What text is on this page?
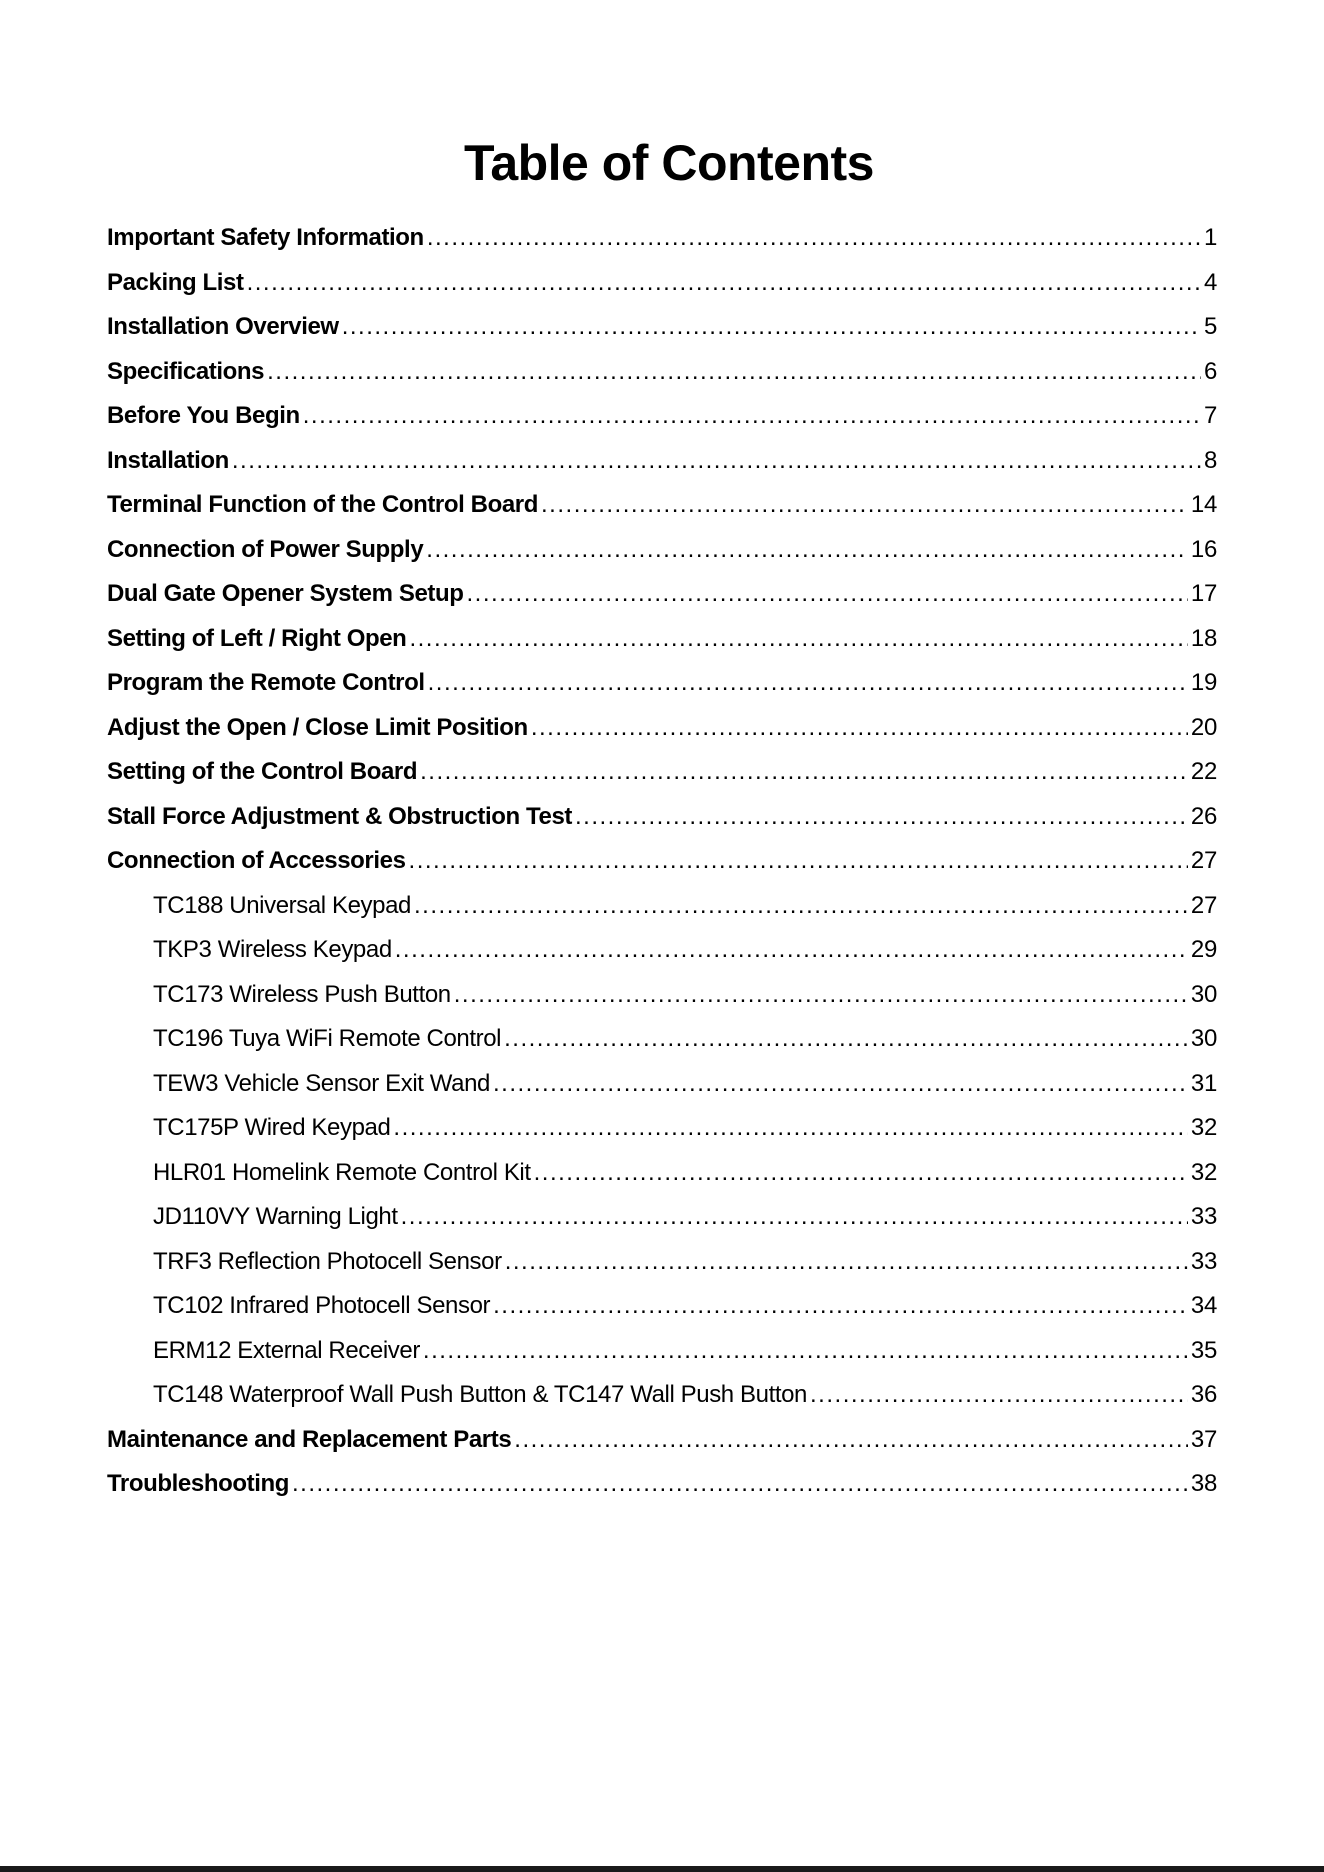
Table of Contents
Important Safety Information .....	1
Packing List .....	4
Installation Overview .....	5
Specifications .....	6
Before You Begin .....	7
Installation .....	8
Terminal Function of the Control Board .....	14
Connection of Power Supply .....	16
Dual Gate Opener System Setup .....	17
Setting of Left / Right Open .....	18
Program the Remote Control .....	19
Adjust the Open / Close Limit Position .....	20
Setting of the Control Board .....	22
Stall Force Adjustment & Obstruction Test .....	26
Connection of Accessories .....	27
TC188 Universal Keypad .....	27
TKP3 Wireless Keypad .....	29
TC173 Wireless Push Button .....	30
TC196 Tuya WiFi Remote Control .....	30
TEW3 Vehicle Sensor Exit Wand .....	31
TC175P Wired Keypad .....	32
HLR01 Homelink Remote Control Kit .....	32
JD110VY Warning Light .....	33
TRF3 Reflection Photocell Sensor .....	33
TC102 Infrared Photocell Sensor .....	34
ERM12 External Receiver .....	35
TC148 Waterproof Wall Push Button & TC147 Wall Push Button .....	36
Maintenance and Replacement Parts .....	37
Troubleshooting .....	38
